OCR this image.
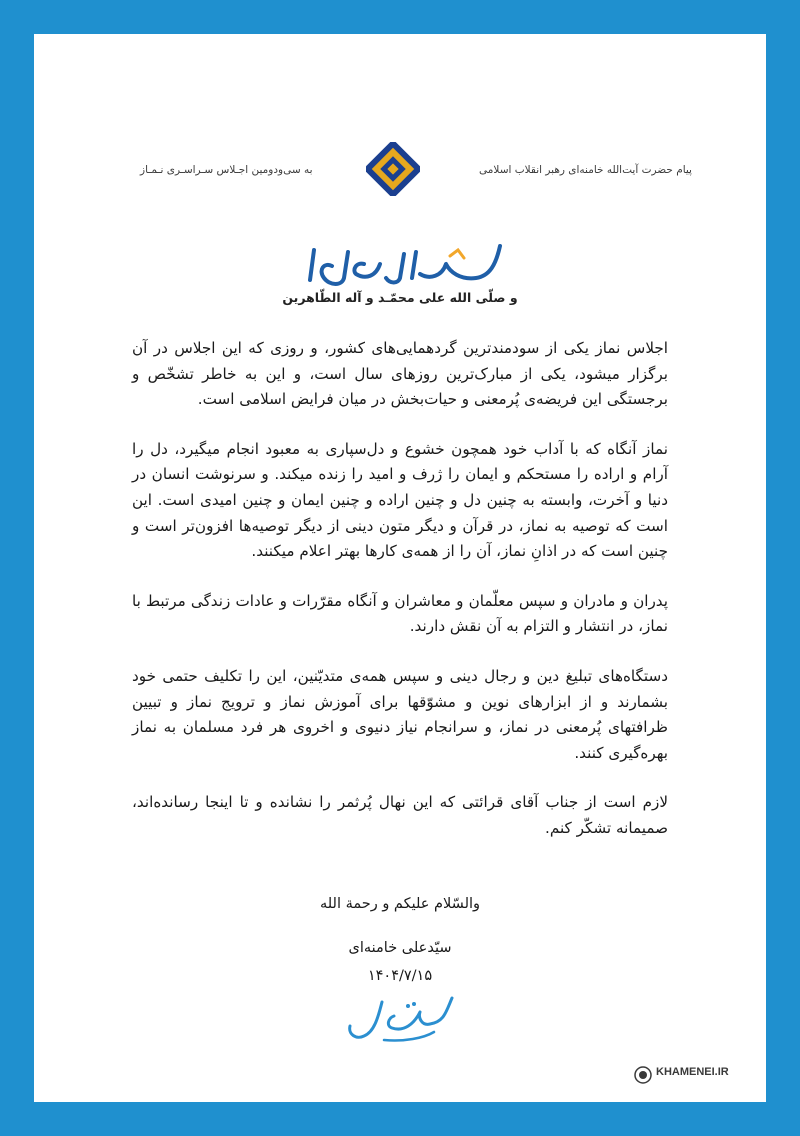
به سی‌ودومین اجـلاس سـراسـری نـمـاز	پیام حضرت آیت‌الله خامنه‌ای رهبر انقلاب اسلامی
و صلّی الله علی محمّـد و آله الطّاهرین

اجلاس نماز یکی از سودمندترین گردهمایی‌های کشور، و روزی که این اجلاس در آن برگزار میشود، یکی از مبارک‌ترین روزهای سال است، و این به خاطر تشخّص و برجستگی این فریضه‌ی پُرمعنی و حیات‌بخش در میان فرایض اسلامی است.

نماز آنگاه که با آداب خود همچون خشوع و دل‌سپاری به معبود انجام میگیرد، دل را آرام و اراده را مستحکم و ایمان را ژرف و امید را زنده میکند. و سرنوشت انسان در دنیا و آخرت، وابسته به چنین دل و چنین اراده و چنین ایمان و چنین امیدی است. این است که توصیه به نماز، در قرآن و دیگر متون دینی از دیگر توصیه‌ها افزون‌تر است و چنین است که در اذانِ نماز، آن را از همه‌ی کارها بهتر اعلام میکنند.

پدران و مادران و سپس معلّمان و معاشران و آنگاه مقرّرات و عادات زندگی مرتبط با نماز، در انتشار و التزام به آن نقش دارند.

دستگاه‌های تبلیغ دین و رجال دینی و سپس همه‌ی متدیّنین، این را تکلیف حتمی خود بشمارند و از ابزارهای نوین و مشوّقها برای آموزش نماز و ترویج نماز و تبیین ظرافتهای پُرمعنی در نماز، و سرانجام نیاز دنیوی و اخروی هر فرد مسلمان به نماز بهره‌گیری کنند.

لازم است از جناب آقای قرائتی که این نهال پُرثمر را نشانده و تا اینجا رسانده‌اند، صمیمانه تشکّر کنم.

والسّلام علیکم و رحمة الله
سیّدعلی خامنه‌ای
۱۴۰۴/۷/۱۵
KHAMENEI.IR
